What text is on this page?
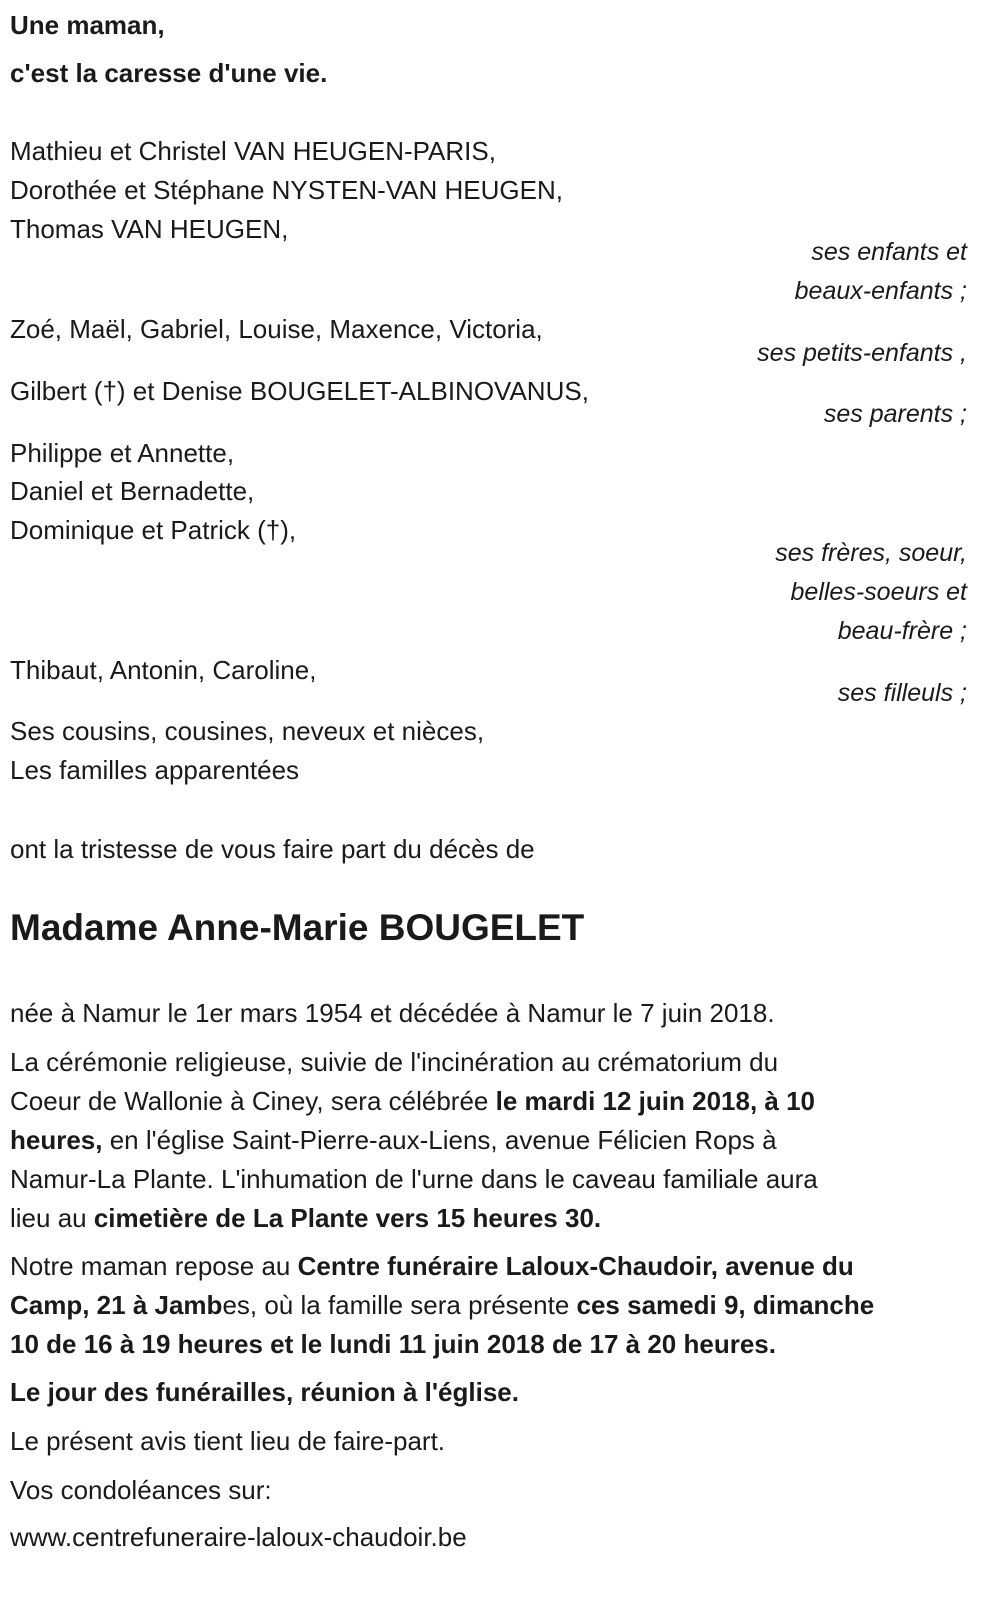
Une maman,
c'est la caresse d'une vie.
Mathieu et Christel VAN HEUGEN-PARIS,
Dorothée et Stéphane NYSTEN-VAN HEUGEN,
Thomas VAN HEUGEN,
ses enfants et
beaux-enfants ;
Zoé, Maël, Gabriel, Louise, Maxence, Victoria,
ses petits-enfants ,
Gilbert (†) et Denise BOUGELET-ALBINOVANUS,
ses parents ;
Philippe et Annette,
Daniel et Bernadette,
Dominique et Patrick (†),
ses frères, soeur,
belles-soeurs et
beau-frère ;
Thibaut, Antonin, Caroline,
ses filleuls ;
Ses cousins, cousines, neveux et nièces,
Les familles apparentées
ont la tristesse de vous faire part du décès de
Madame Anne-Marie BOUGELET
née à Namur le 1er mars 1954 et décédée à Namur le 7 juin 2018.
La cérémonie religieuse, suivie de l'incinération au crématorium du
Coeur de Wallonie à Ciney, sera célébrée le mardi 12 juin 2018, à 10
heures, en l'église Saint-Pierre-aux-Liens, avenue Félicien Rops à
Namur-La Plante. L'inhumation de l'urne dans le caveau familiale aura
lieu au cimetière de La Plante vers 15 heures 30.
Notre maman repose au Centre funéraire Laloux-Chaudoir, avenue du
Camp, 21 à Jambes, où la famille sera présente ces samedi 9, dimanche
10 de 16 à 19 heures et le lundi 11 juin 2018 de 17 à 20 heures.
Le jour des funérailles, réunion à l'église.
Le présent avis tient lieu de faire-part.
Vos condoléances sur:
www.centrefuneraire-laloux-chaudoir.be
